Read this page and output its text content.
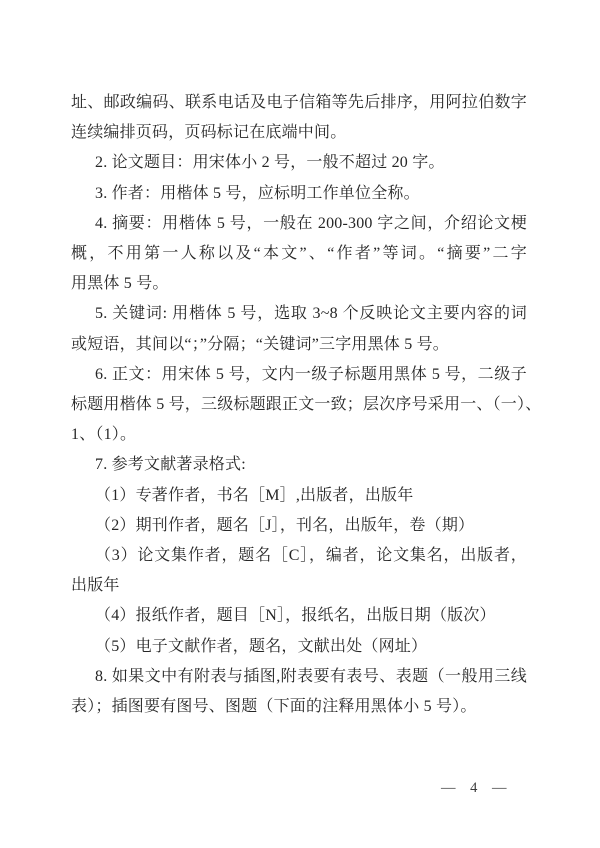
址、邮政编码、联系电话及电子信箱等先后排序，用阿拉伯数字
连续编排页码，页码标记在底端中间。
2. 论文题目：用宋体小 2 号，一般不超过 20 字。
3. 作者：用楷体 5 号，应标明工作单位全称。
4. 摘要：用楷体 5 号，一般在 200-300 字之间，介绍论文梗
概，不用第一人称以及“本文”、“作者”等词。“摘要”二字
用黑体 5 号。
5. 关键词: 用楷体 5 号，选取 3~8 个反映论文主要内容的词
或短语，其间以“；”分隔；“关键词”三字用黑体 5 号。
6. 正文：用宋体 5 号，文内一级子标题用黑体 5 号，二级子
标题用楷体 5 号，三级标题跟正文一致；层次序号采用一、（一）、
1、（1）。
7. 参考文献著录格式:
（1）专著作者，书名［M］,出版者，出版年
（2）期刊作者，题名［J］，刊名，出版年，卷（期）
（3）论文集作者，题名［C］，编者，论文集名，出版者，
出版年
（4）报纸作者，题目［N］，报纸名，出版日期（版次）
（5）电子文献作者，题名，文献出处（网址）
8. 如果文中有附表与插图,附表要有表号、表题（一般用三线
表）；插图要有图号、图题（下面的注释用黑体小 5 号）。
— 4 —
